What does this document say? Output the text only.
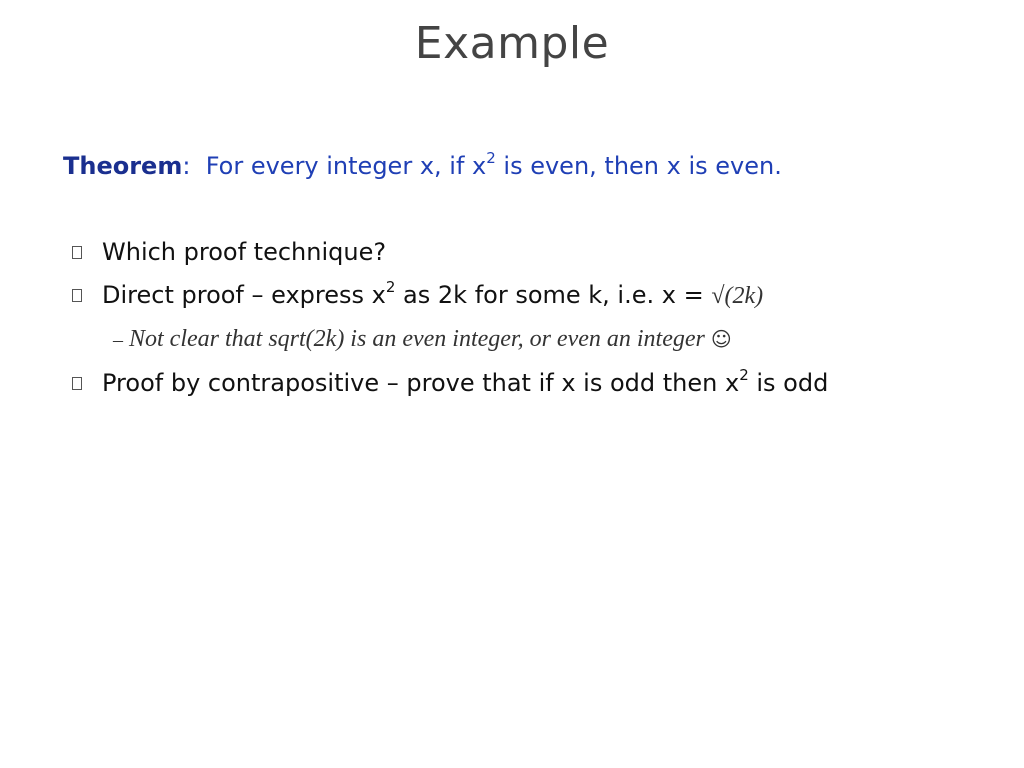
Example
Theorem: For every integer x, if $x^2$ is even, then x is even.
Which proof technique?
Direct proof – express $x^2$ as 2k for some k, i.e. x = √(2k)
– Not clear that sqrt(2k) is an even integer, or even an integer ☺
Proof by contrapositive – prove that if x is odd then $x^2$ is odd
